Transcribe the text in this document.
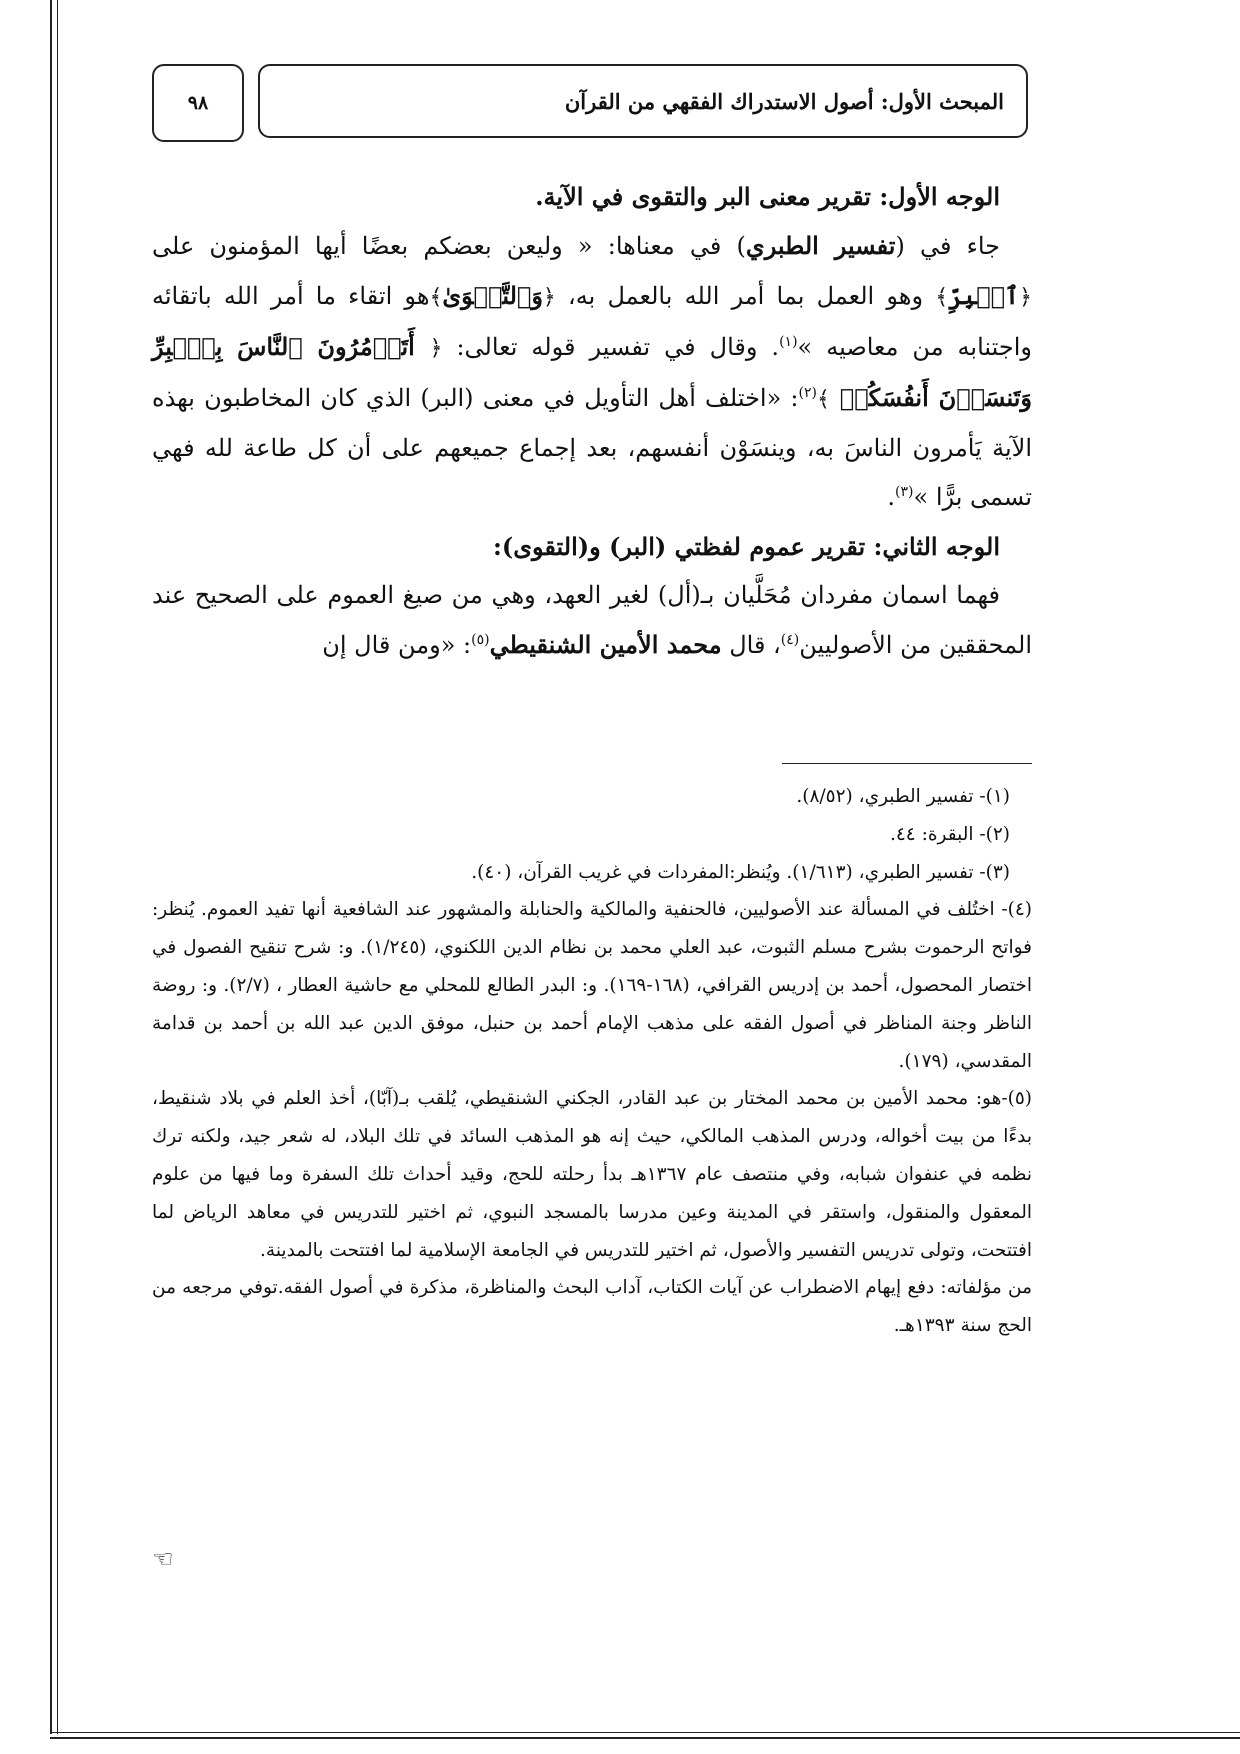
٩٨	المبحث الأول: أصول الاستدراك الفقهي من القرآن

الوجه الأول: تقرير معنى البر والتقوى في الآية.

جاء في (تفسير الطبري) في معناها: « وليعن بعضكم بعضًا أيها المؤمنون على ﴿ٱلۡبِرِّ﴾ وهو العمل بما أمر الله بالعمل به، ﴿وَٱلتَّقۡوَىٰ﴾هو اتقاء ما أمر الله باتقائه واجتنابه من معاصيه »$^{(١)}$. وقال في تفسير قوله تعالى: ﴿ أَتَأۡمُرُونَ ٱلنَّاسَ بِٱلۡبِرِّ وَتَنسَوۡنَ أَنفُسَكُمۡ ﴾$^{(٢)}$: «اختلف أهل التأويل في معنى (البر) الذي كان المخاطبون بهذه الآية يَأمرون الناسَ به، وينسَوْن أنفسهم، بعد إجماع جميعهم على أن كل طاعة لله فهي تسمى برًّا »$^{(٣)}$.

الوجه الثاني: تقرير عموم لفظتي (البر) و(التقوى):

فهما اسمان مفردان مُحَلَّيان بـ(أل) لغير العهد، وهي من صيغ العموم على الصحيح عند المحققين من الأصوليين$^{(٤)}$، قال محمد الأمين الشنقيطي$^{(٥)}$: «ومن قال إن

(١)- تفسير الطبري، (٨/٥٢).

(٢)- البقرة: ٤٤.

(٣)- تفسير الطبري، (١/٦١٣). ويُنظر:المفردات في غريب القرآن، (٤٠).

(٤)- اختُلف في المسألة عند الأصوليين، فالحنفية والمالكية والحنابلة والمشهور عند الشافعية أنها تفيد العموم. يُنظر: فواتح الرحموت بشرح مسلم الثبوت، عبد العلي محمد بن نظام الدين اللكنوي، (١/٢٤٥). و: شرح تنقيح الفصول في اختصار المحصول، أحمد بن إدريس القرافي، (١٦٨-١٦٩). و: البدر الطالع للمحلي مع حاشية العطار ، (٢/٧). و: روضة الناظر وجنة المناظر في أصول الفقه على مذهب الإمام أحمد بن حنبل، موفق الدين عبد الله بن أحمد بن قدامة المقدسي، (١٧٩).

(٥)-هو: محمد الأمين بن محمد المختار بن عبد القادر، الجكني الشنقيطي، يُلقب بـ(آبّا)، أخذ العلم في بلاد شنقيط، بدءًا من بيت أخواله، ودرس المذهب المالكي، حيث إنه هو المذهب السائد في تلك البلاد، له شعر جيد، ولكنه ترك نظمه في عنفوان شبابه، وفي منتصف عام ١٣٦٧هـ بدأ رحلته للحج، وقيد أحداث تلك السفرة وما فيها من علوم المعقول والمنقول، واستقر في المدينة وعين مدرسا بالمسجد النبوي، ثم اختير للتدريس في معاهد الرياض لما افتتحت، وتولى تدريس التفسير والأصول، ثم اختير للتدريس في الجامعة الإسلامية لما افتتحت بالمدينة.

من مؤلفاته: دفع إيهام الاضطراب عن آيات الكتاب، آداب البحث والمناظرة، مذكرة في أصول الفقه.توفي مرجعه من الحج سنة ١٣٩٣هـ.

☜
